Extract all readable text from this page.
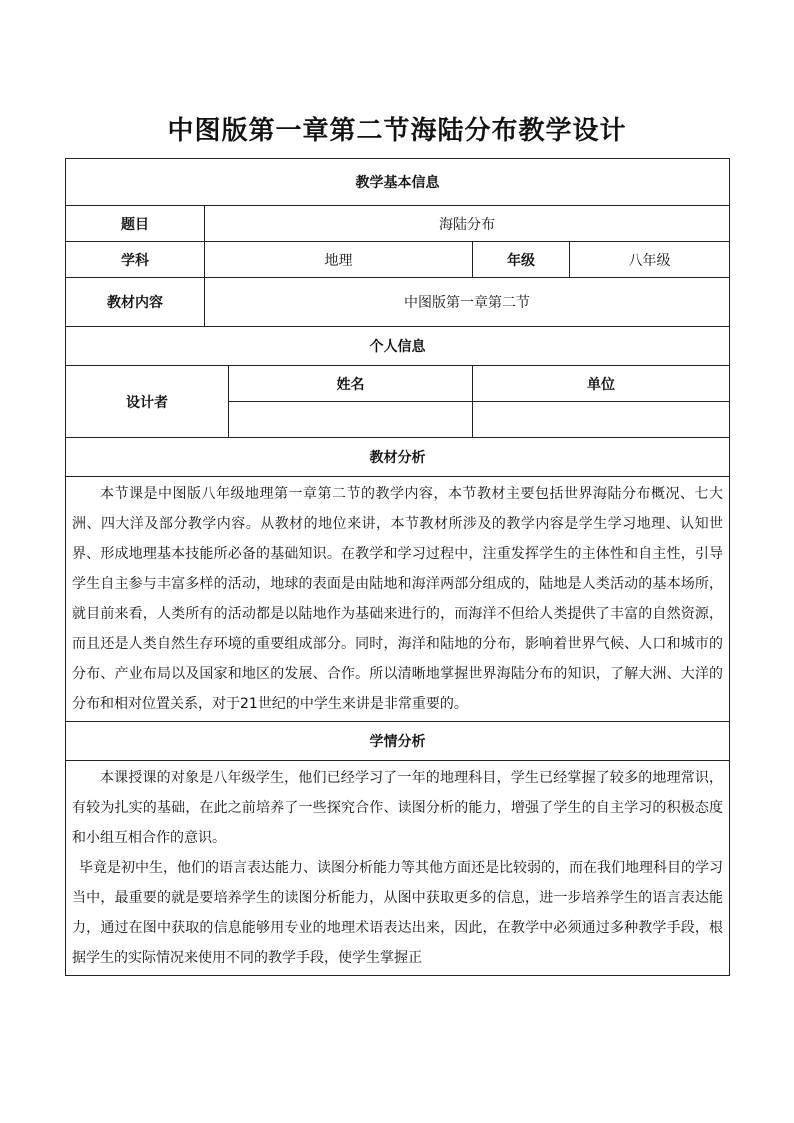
中图版第一章第二节海陆分布教学设计
教学基本信息				
题目	海陆分布			
学科	地理		年级	八年级
教材内容	中图版第一章第二节			
个人信息				
设计者		姓名	单位	

教材分析				

本节课是中图版八年级地理第一章第二节的教学内容，本节教材主要包括世界海陆分布概况、七大洲、四大洋及部分教学内容。从教材的地位来讲，本节教材所涉及的教学内容是学生学习地理、认知世界、形成地理基本技能所必备的基础知识。在教学和学习过程中，注重发挥学生的主体性和自主性，引导学生自主参与丰富多样的活动，地球的表面是由陆地和海洋两部分组成的，陆地是人类活动的基本场所，就目前来看，人类所有的活动都是以陆地作为基础来进行的，而海洋不但给人类提供了丰富的自然资源，而且还是人类自然生存环境的重要组成部分。同时，海洋和陆地的分布，影响着世界气候、人口和城市的分布、产业布局以及国家和地区的发展、合作。所以清晰地掌握世界海陆分布的知识，了解大洲、大洋的分布和相对位置关系，对于21世纪的中学生来讲是非常重要的。				

学情分析				

本课授课的对象是八年级学生，他们已经学习了一年的地理科目，学生已经掌握了较多的地理常识，有较为扎实的基础，在此之前培养了一些探究合作、读图分析的能力，增强了学生的自主学习的积极态度和小组互相合作的意识。

毕竟是初中生，他们的语言表达能力、读图分析能力等其他方面还是比较弱的，而在我们地理科目的学习当中，最重要的就是要培养学生的读图分析能力，从图中获取更多的信息，进一步培养学生的语言表达能力，通过在图中获取的信息能够用专业的地理术语表达出来，因此，在教学中必须通过多种教学手段，根据学生的实际情况来使用不同的教学手段，使学生掌握正				
